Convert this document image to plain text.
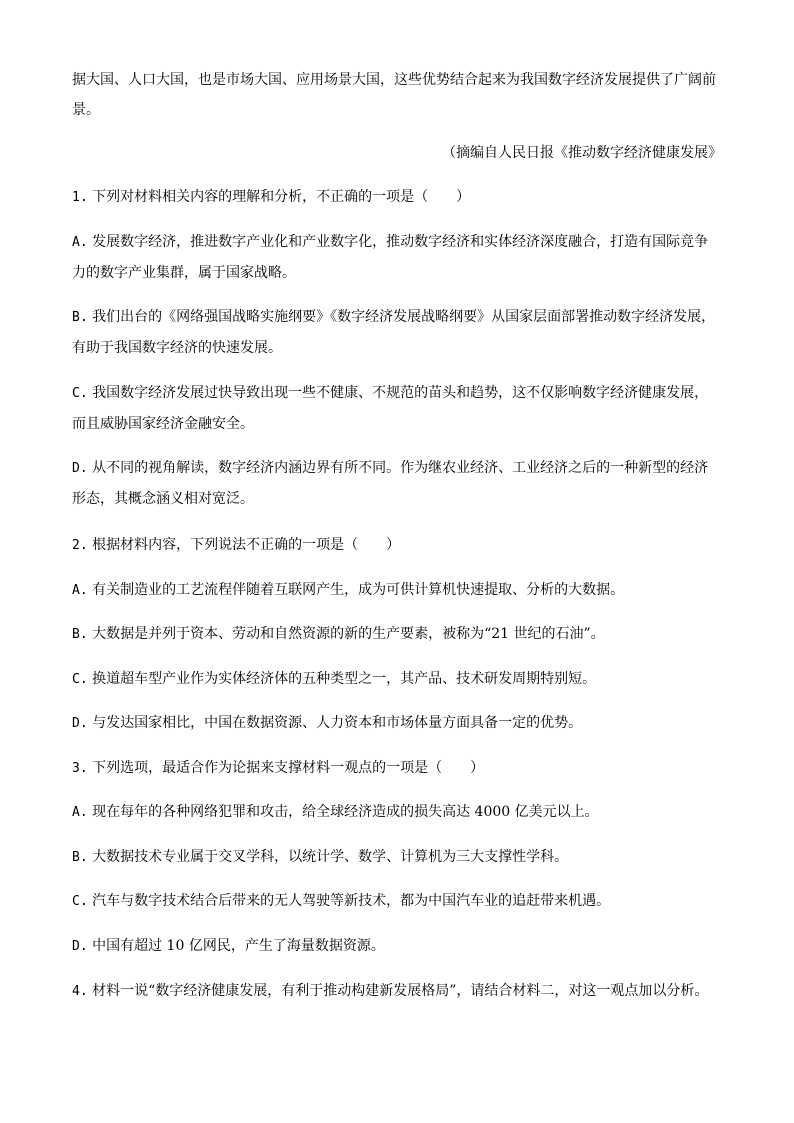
据大国、人口大国，也是市场大国、应用场景大国，这些优势结合起来为我国数字经济发展提供了广阔前景。
（摘编自人民日报《推动数字经济健康发展》
1. 下列对材料相关内容的理解和分析，不正确的一项是（　　）
A. 发展数字经济，推进数字产业化和产业数字化，推动数字经济和实体经济深度融合，打造有国际竞争力的数字产业集群，属于国家战略。
B. 我们出台的《网络强国战略实施纲要》《数字经济发展战略纲要》从国家层面部署推动数字经济发展，有助于我国数字经济的快速发展。
C. 我国数字经济发展过快导致出现一些不健康、不规范的苗头和趋势，这不仅影响数字经济健康发展，而且威胁国家经济金融安全。
D. 从不同的视角解读，数字经济内涵边界有所不同。作为继农业经济、工业经济之后的一种新型的经济形态，其概念涵义相对宽泛。
2. 根据材料内容，下列说法不正确的一项是（　　）
A. 有关制造业的工艺流程伴随着互联网产生，成为可供计算机快速提取、分析的大数据。
B. 大数据是并列于资本、劳动和自然资源的新的生产要素，被称为“21 世纪的石油”。
C. 换道超车型产业作为实体经济体的五种类型之一，其产品、技术研发周期特别短。
D. 与发达国家相比，中国在数据资源、人力资本和市场体量方面具备一定的优势。
3. 下列选项，最适合作为论据来支撑材料一观点的一项是（　　）
A. 现在每年的各种网络犯罪和攻击，给全球经济造成的损失高达 4000 亿美元以上。
B. 大数据技术专业属于交叉学科，以统计学、数学、计算机为三大支撑性学科。
C. 汽车与数字技术结合后带来的无人驾驶等新技术，都为中国汽车业的追赶带来机遇。
D. 中国有超过 10 亿网民，产生了海量数据资源。
4. 材料一说“数字经济健康发展，有利于推动构建新发展格局”，请结合材料二，对这一观点加以分析。
